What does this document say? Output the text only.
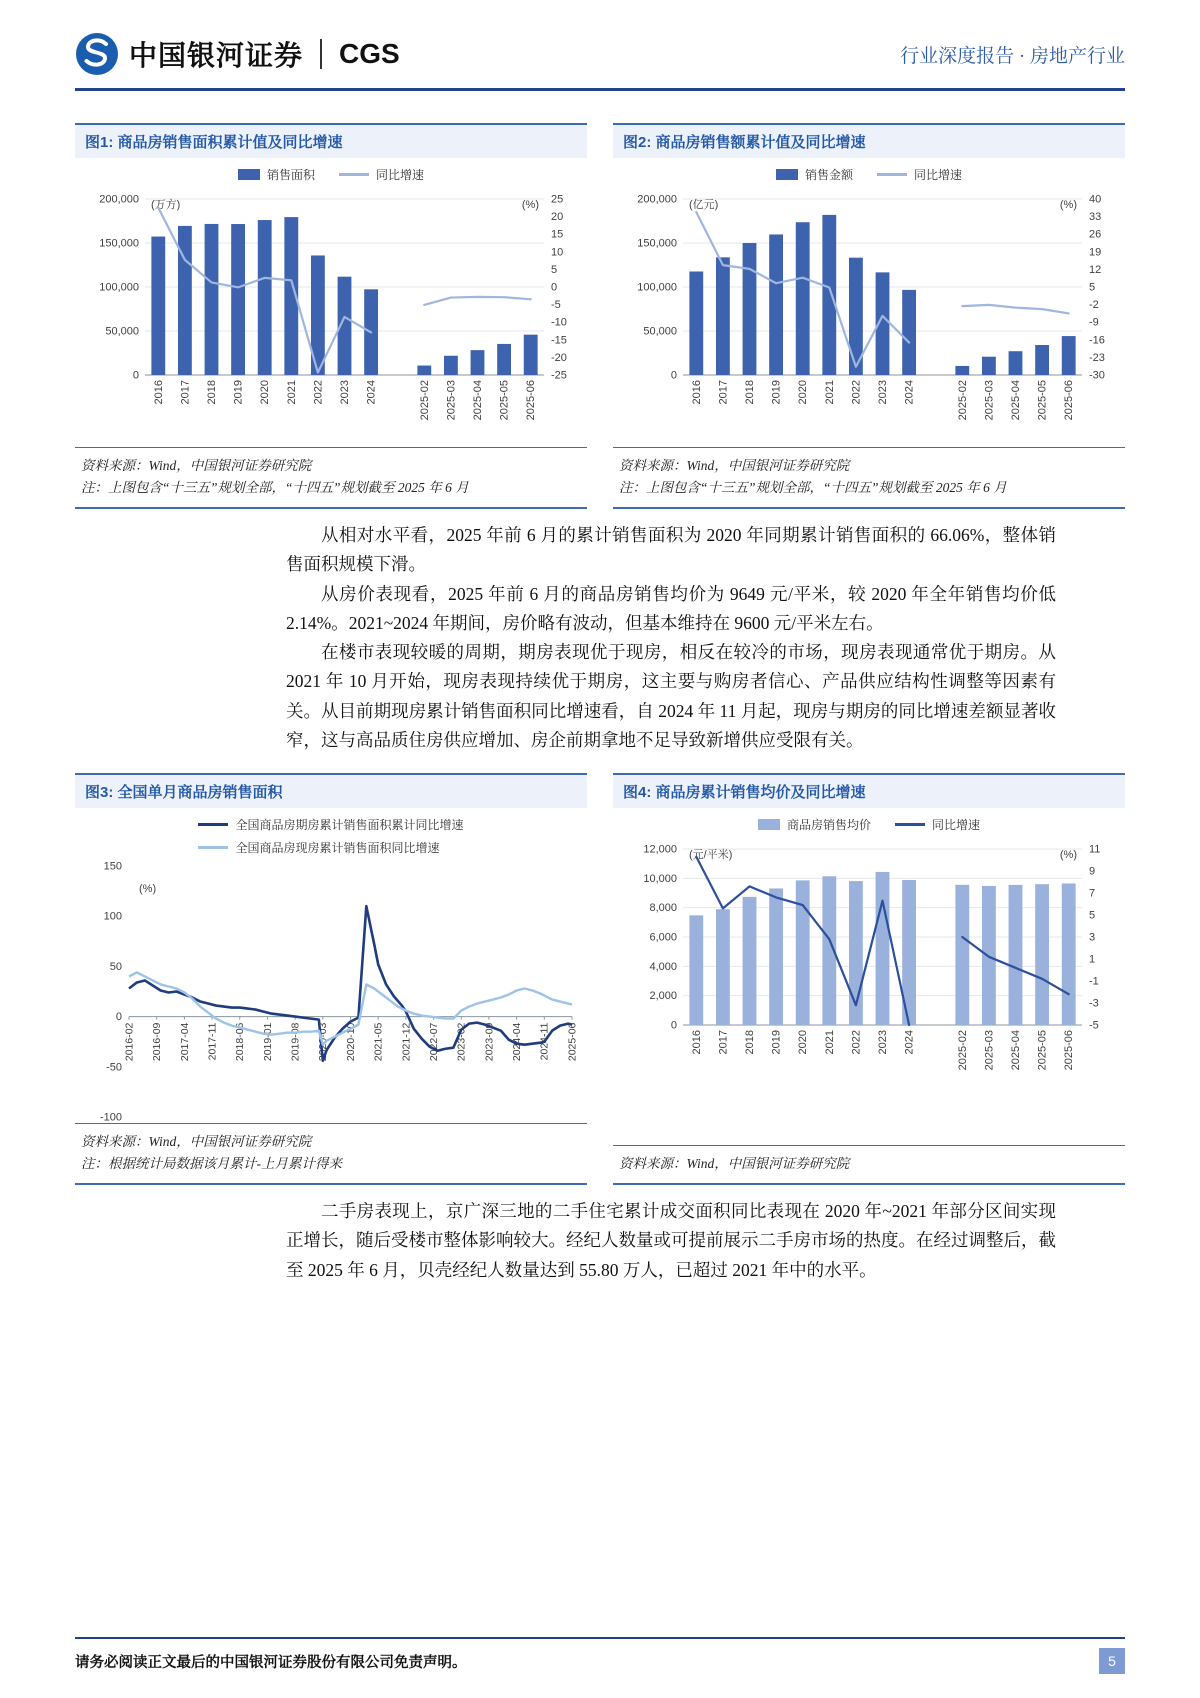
中国银河证券 CGS	行业深度报告 · 房地产行业
图1: 商品房销售面积累计值及同比增速
销售面积	同比增速
0
50,000
100,000
150,000
200,000	25
20
15
10
5
0
-5
-10
-15
-20
-25
(万方)	(%)
2016 2017 2018 2019 2020 2021 2022 2023 2024	2025-02 2025-03 2025-04 2025-05 2025-06
资料来源：Wind，中国银河证券研究院
注：上图包含“十三五”规划全部，“十四五”规划截至 2025 年 6 月
图2: 商品房销售额累计值及同比增速
销售金额	同比增速
0
50,000
100,000
150,000
200,000	40
33
26
19
12
5
-2
-9
-16
-23
-30
(亿元)	(%)
2016 2017 2018 2019 2020 2021 2022 2023 2024	2025-02 2025-03 2025-04 2025-05 2025-06
资料来源：Wind，中国银河证券研究院
注：上图包含“十三五”规划全部，“十四五”规划截至 2025 年 6 月

从相对水平看，2025 年前 6 月的累计销售面积为 2020 年同期累计销售面积的 66.06%，整体销售面积规模下滑。

从房价表现看，2025 年前 6 月的商品房销售均价为 9649 元/平米，较 2020 年全年销售均价低 2.14%。2021~2024 年期间，房价略有波动，但基本维持在 9600 元/平米左右。

在楼市表现较暖的周期，期房表现优于现房，相反在较冷的市场，现房表现通常优于期房。从 2021 年 10 月开始，现房表现持续优于期房，这主要与购房者信心、产品供应结构性调整等因素有关。从目前期现房累计销售面积同比增速看，自 2024 年 11 月起，现房与期房的同比增速差额显著收窄，这与高品质住房供应增加、房企前期拿地不足导致新增供应受限有关。

图3: 全国单月商品房销售面积
全国商品房期房累计销售面积累计同比增速
全国商品房现房累计销售面积同比增速
150
100
50
0
-50
-100
(%)
2016-02 2016-09 2017-04 2017-11 2018-06 2019-01 2019-08 2020-03 2020-10 2021-05 2021-12 2022-07 2023-02 2023-09 2024-04 2024-11 2025-06
资料来源：Wind，中国银河证券研究院
注：根据统计局数据该月累计-上月累计得来
图4: 商品房累计销售均价及同比增速
商品房销售均价	同比增速
0
2,000
4,000
6,000
8,000
10,000
12,000	11
9
7
5
3
1
-1
-3
-5
(元/平米)	(%)
2016 2017 2018 2019 2020 2021 2022 2023 2024	2025-02 2025-03 2025-04 2025-05 2025-06
资料来源：Wind，中国银河证券研究院

二手房表现上，京广深三地的二手住宅累计成交面积同比表现在 2020 年~2021 年部分区间实现正增长，随后受楼市整体影响较大。经纪人数量或可提前展示二手房市场的热度。在经过调整后，截至 2025 年 6 月，贝壳经纪人数量达到 55.80 万人，已超过 2021 年中的水平。

请务必阅读正文最后的中国银河证券股份有限公司免责声明。	5
